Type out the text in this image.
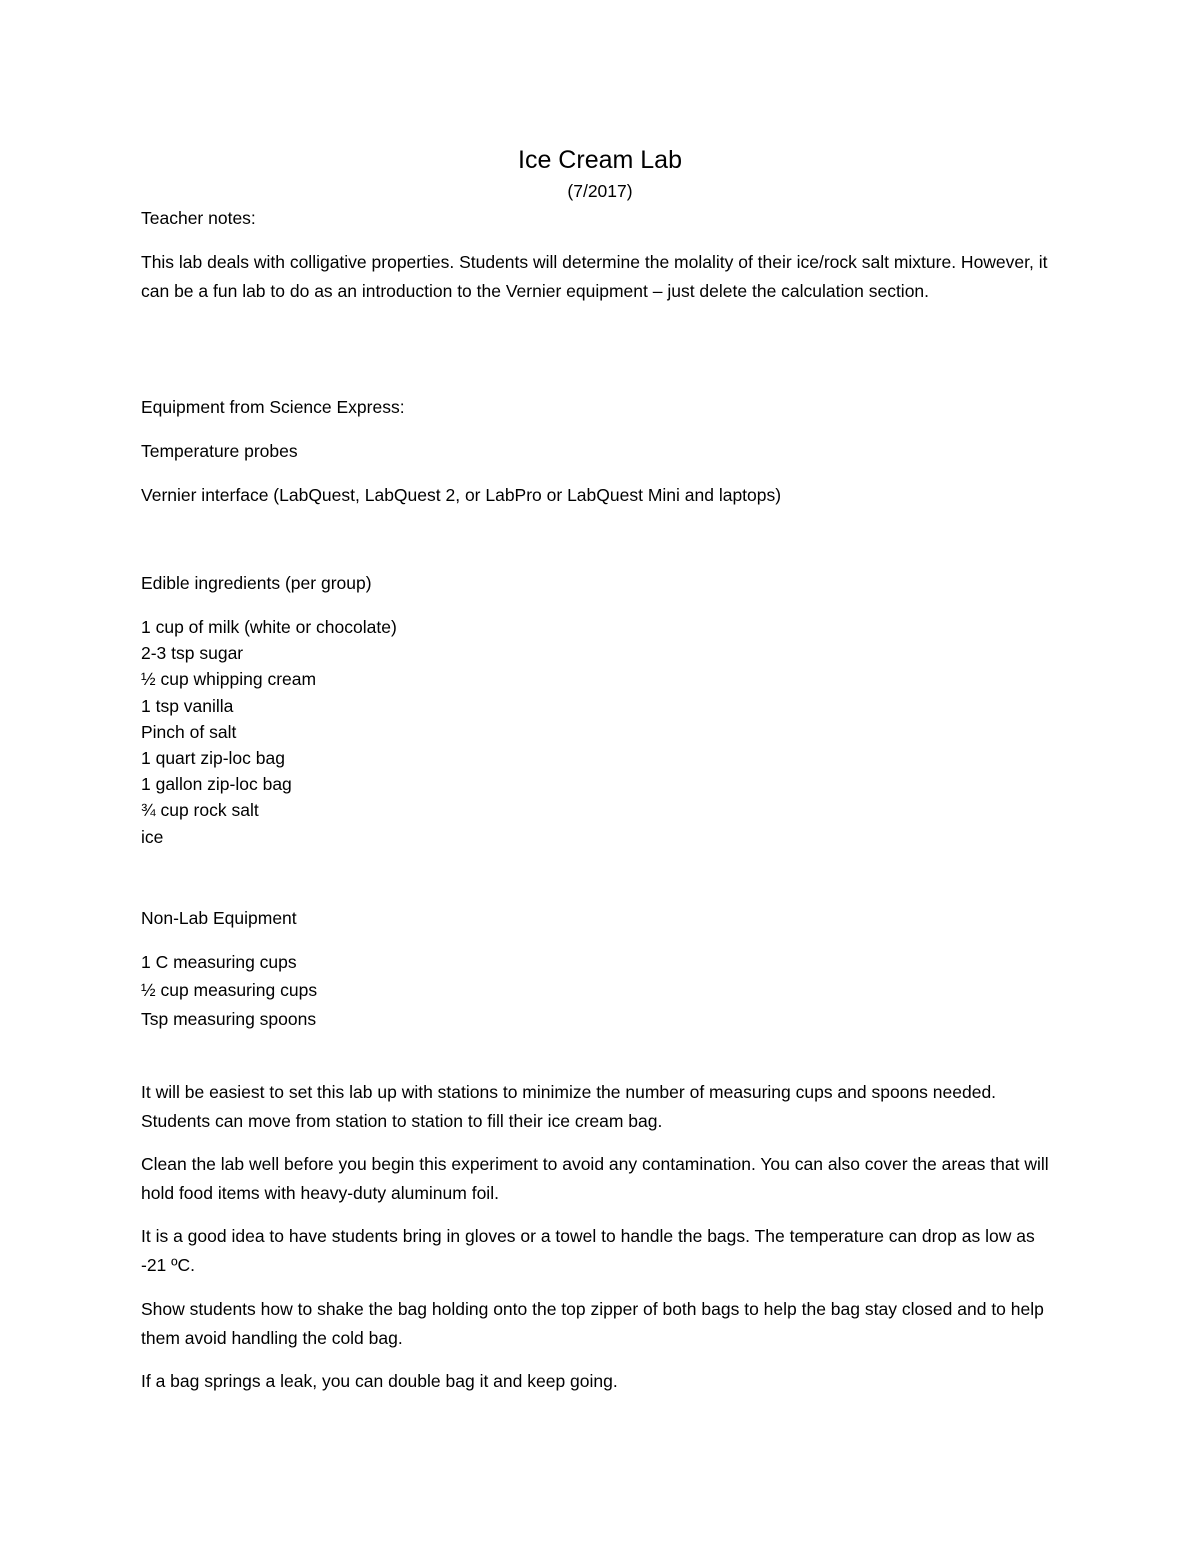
Ice Cream Lab
(7/2017)

Teacher notes:

This lab deals with colligative properties. Students will determine the molality of their ice/rock salt mixture. However, it can be a fun lab to do as an introduction to the Vernier equipment – just delete the calculation section.

Equipment from Science Express:

Temperature probes

Vernier interface (LabQuest, LabQuest 2, or LabPro or LabQuest Mini and laptops)

Edible ingredients (per group)

1 cup of milk (white or chocolate)
2-3 tsp sugar
½ cup whipping cream
1 tsp vanilla
Pinch of salt
1 quart zip-loc bag
1 gallon zip-loc bag
¾ cup rock salt
ice

Non-Lab Equipment

1 C measuring cups
½ cup measuring cups
Tsp measuring spoons

It will be easiest to set this lab up with stations to minimize the number of measuring cups and spoons needed. Students can move from station to station to fill their ice cream bag.

Clean the lab well before you begin this experiment to avoid any contamination. You can also cover the areas that will hold food items with heavy-duty aluminum foil.

It is a good idea to have students bring in gloves or a towel to handle the bags. The temperature can drop as low as -21 ºC.

Show students how to shake the bag holding onto the top zipper of both bags to help the bag stay closed and to help them avoid handling the cold bag.

If a bag springs a leak, you can double bag it and keep going.
